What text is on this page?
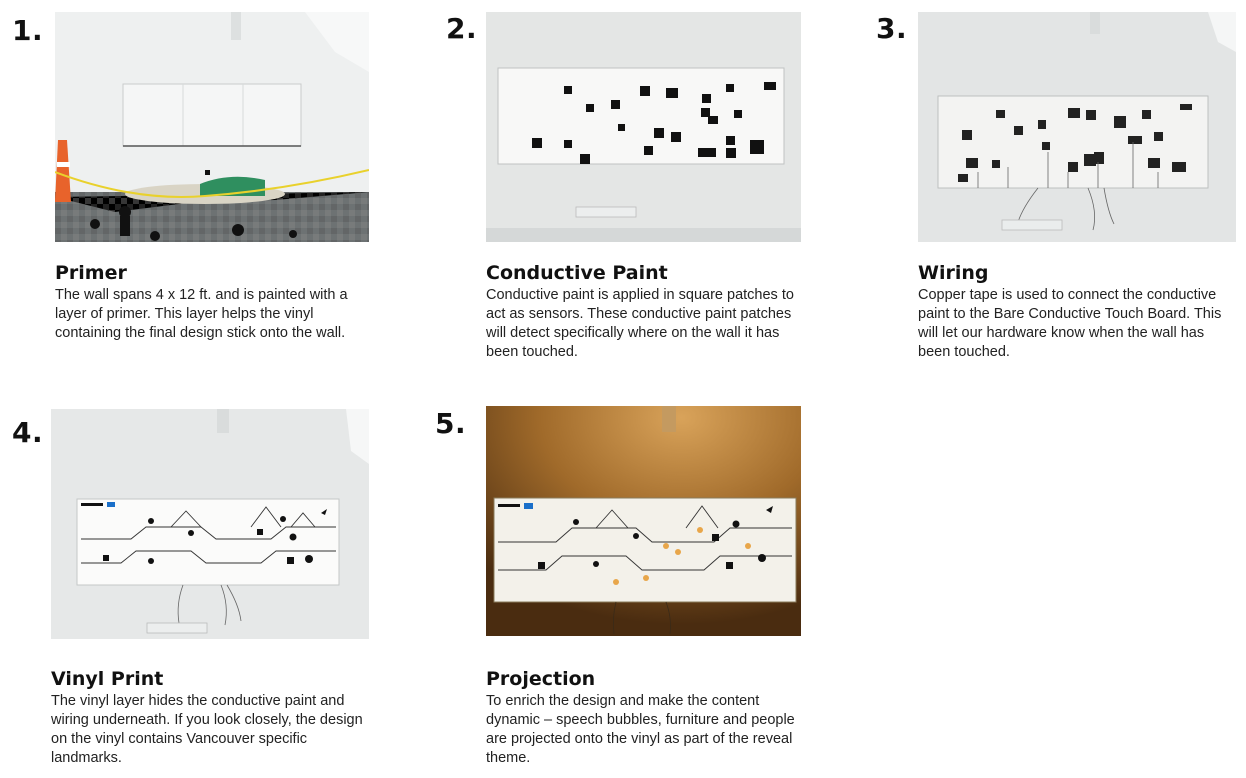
1.
Primer
The wall spans 4 x 12 ft. and is painted with a layer of primer. This layer helps the vinyl containing the final design stick onto the wall.
2.
Conductive Paint
Conductive paint is applied in square patches to act as sensors. These conductive paint patches will detect specifically where on the wall it has been touched.
3.
Wiring
Copper tape is used to connect the conductive paint to the Bare Conductive Touch Board. This will let our hardware know when the wall has been touched.
4.
Vinyl Print
The vinyl layer hides the conductive paint and wiring underneath. If you look closely, the design on the vinyl contains Vancouver specific landmarks.
5.
Projection
To enrich the design and make the content dynamic – speech bubbles, furniture and people are projected onto the vinyl as part of the reveal theme.
